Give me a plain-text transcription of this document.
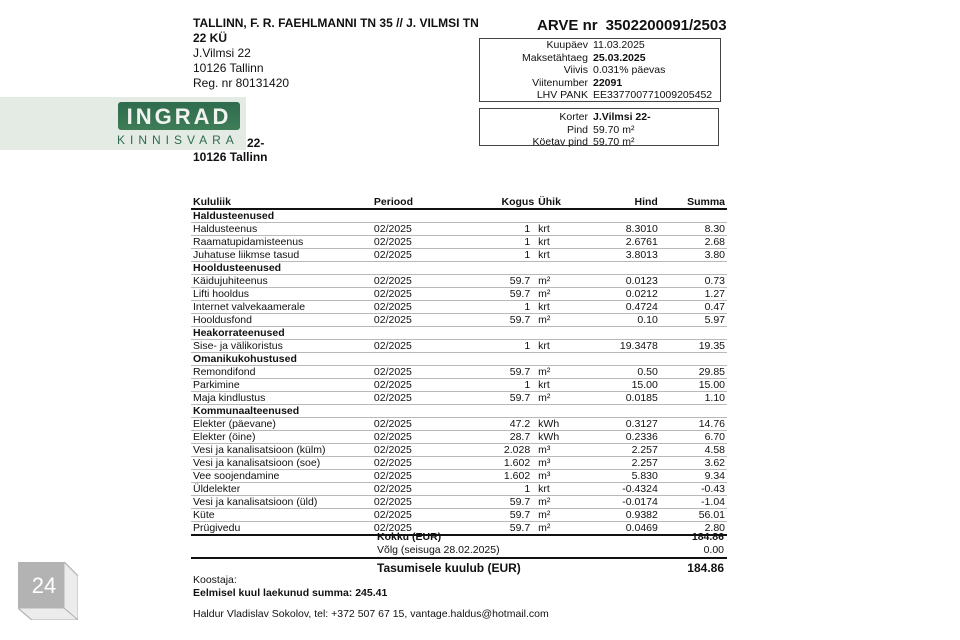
TALLINN, F. R. FAEHLMANNI TN 35 // J. VILMSI TN 22 KÜ
J.Vilmsi 22
10126 Tallinn
Reg. nr 80131420
INGRAD
KINNISVARA 22-
10126 Tallinn
ARVE nr 3502200091/2503
Kuupäev 11.03.2025
Maksetähtaeg 25.03.2025
Viivis 0.031% päevas
Viitenumber 22091
LHV PANK EE337700771009205452
Korter J.Vilmsi 22-
Pind 59.70 m²
Köetav pind 59.70 m²
Kululiik	Periood	Kogus	Ühik	Hind	Summa
Haldusteenused					
Haldusteenus	02/2025	1	krt	8.3010	8.30
Raamatupidamisteenus	02/2025	1	krt	2.6761	2.68
Juhatuse liikmse tasud	02/2025	1	krt	3.8013	3.80
Hooldusteenused					
Käidujuhiteenus	02/2025	59.7	m²	0.0123	0.73
Lifti hooldus	02/2025	59.7	m²	0.0212	1.27
Internet valvekaamerale	02/2025	1	krt	0.4724	0.47
Hooldusfond	02/2025	59.7	m²	0.10	5.97
Heakorrateenused					
Sise- ja välikoristus	02/2025	1	krt	19.3478	19.35
Omanikukohustused					
Remondifond	02/2025	59.7	m²	0.50	29.85
Parkimine	02/2025	1	krt	15.00	15.00
Maja kindlustus	02/2025	59.7	m²	0.0185	1.10
Kommunaalteenused					
Elekter (päevane)	02/2025	47.2	kWh	0.3127	14.76
Elekter (öine)	02/2025	28.7	kWh	0.2336	6.70
Vesi ja kanalisatsioon (külm)	02/2025	2.028	m³	2.257	4.58
Vesi ja kanalisatsioon (soe)	02/2025	1.602	m³	2.257	3.62
Vee soojendamine	02/2025	1.602	m³	5.830	9.34
Üldelekter	02/2025	1	krt	-0.4324	-0.43
Vesi ja kanalisatsioon (üld)	02/2025	59.7	m²	-0.0174	-1.04
Küte	02/2025	59.7	m²	0.9382	56.01
Prügivedu	02/2025	59.7	m²	0.0469	2.80
Kokku (EUR)	184.86
Võlg (seisuga 28.02.2025)	0.00
Tasumisele kuulub (EUR)	184.86
Koostaja:
Eelmisel kuul laekunud summa: 245.41
Haldur Vladislav Sokolov, tel: +372 507 67 15, vantage.haldus@hotmail.com
24
